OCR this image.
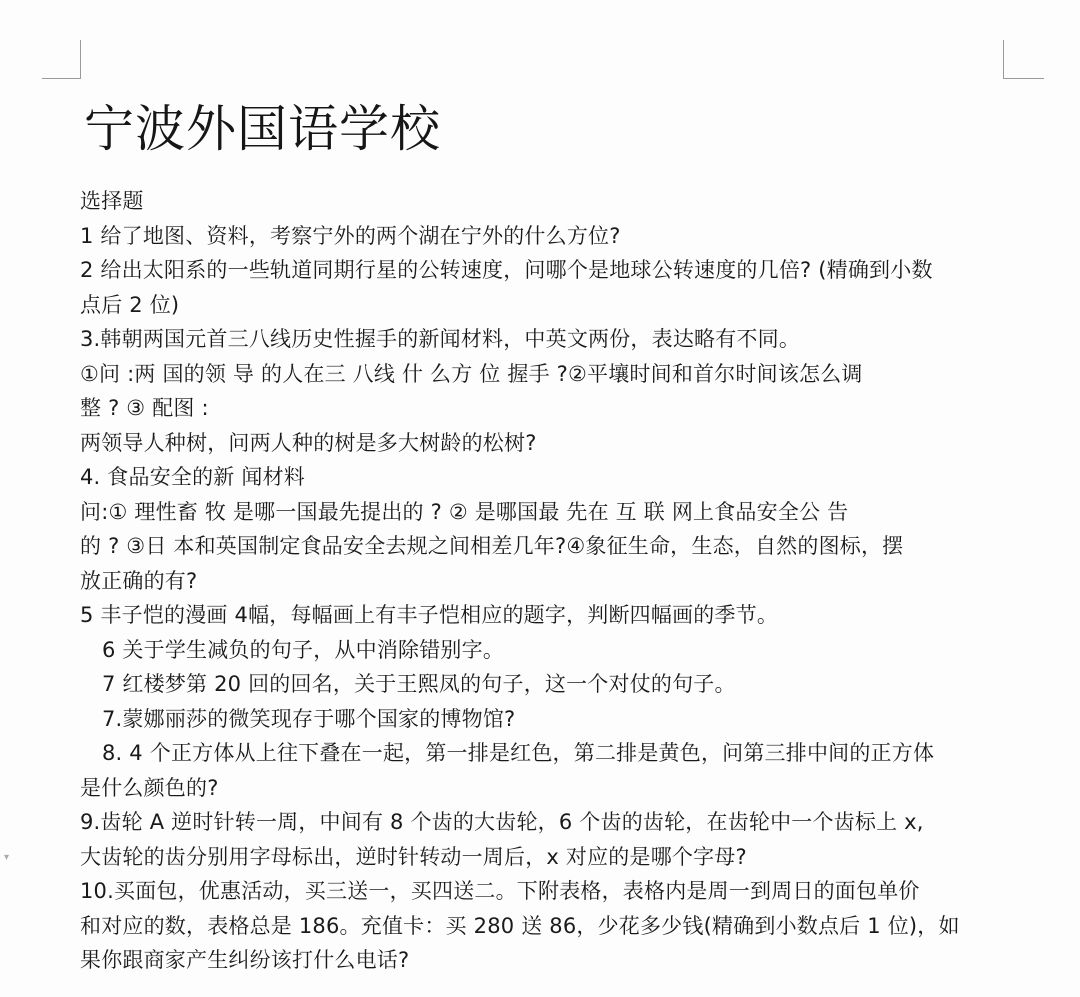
宁波外国语学校
选择题
1 给了地图、资料，考察宁外的两个湖在宁外的什么方位?
2 给出太阳系的一些轨道同期行星的公转速度，问哪个是地球公转速度的几倍? (精确到小数
点后 2 位)
3.韩朝两国元首三八线历史性握手的新闻材料，中英文两份，表达略有不同。
①问 :两 国的领 导 的人在三 八线 什 么方 位 握手 ?②平壤时间和首尔时间该怎么调
整 ? ③ 配图 :
两领导人种树，问两人种的树是多大树龄的松树?
4. 食品安全的新 闻材料
问:① 理性畜 牧 是哪一国最先提出的 ? ② 是哪国最 先在 互 联 网上食品安全公 告
的 ? ③日 本和英国制定食品安全去规之间相差几年?④象征生命，生态，自然的图标，摆
放正确的有?
5 丰子恺的漫画 4幅，每幅画上有丰子恺相应的题字，判断四幅画的季节。
6 关于学生减负的句子，从中消除错别字。
7 红楼梦第 20 回的回名，关于王熙凤的句子，这一个对仗的句子。
7.蒙娜丽莎的微笑现存于哪个国家的博物馆?
8. 4 个正方体从上往下叠在一起，第一排是红色，第二排是黄色，问第三排中间的正方体
是什么颜色的?
9.齿轮 A 逆时针转一周，中间有 8 个齿的大齿轮，6 个齿的齿轮，在齿轮中一个齿标上 x,
大齿轮的齿分别用字母标出，逆时针转动一周后，x 对应的是哪个字母?
10.买面包，优惠活动，买三送一，买四送二。下附表格，表格内是周一到周日的面包单价
和对应的数，表格总是 186。充值卡：买 280 送 86，少花多少钱(精确到小数点后 1 位)，如
果你跟商家产生纠纷该打什么电话?
▾
